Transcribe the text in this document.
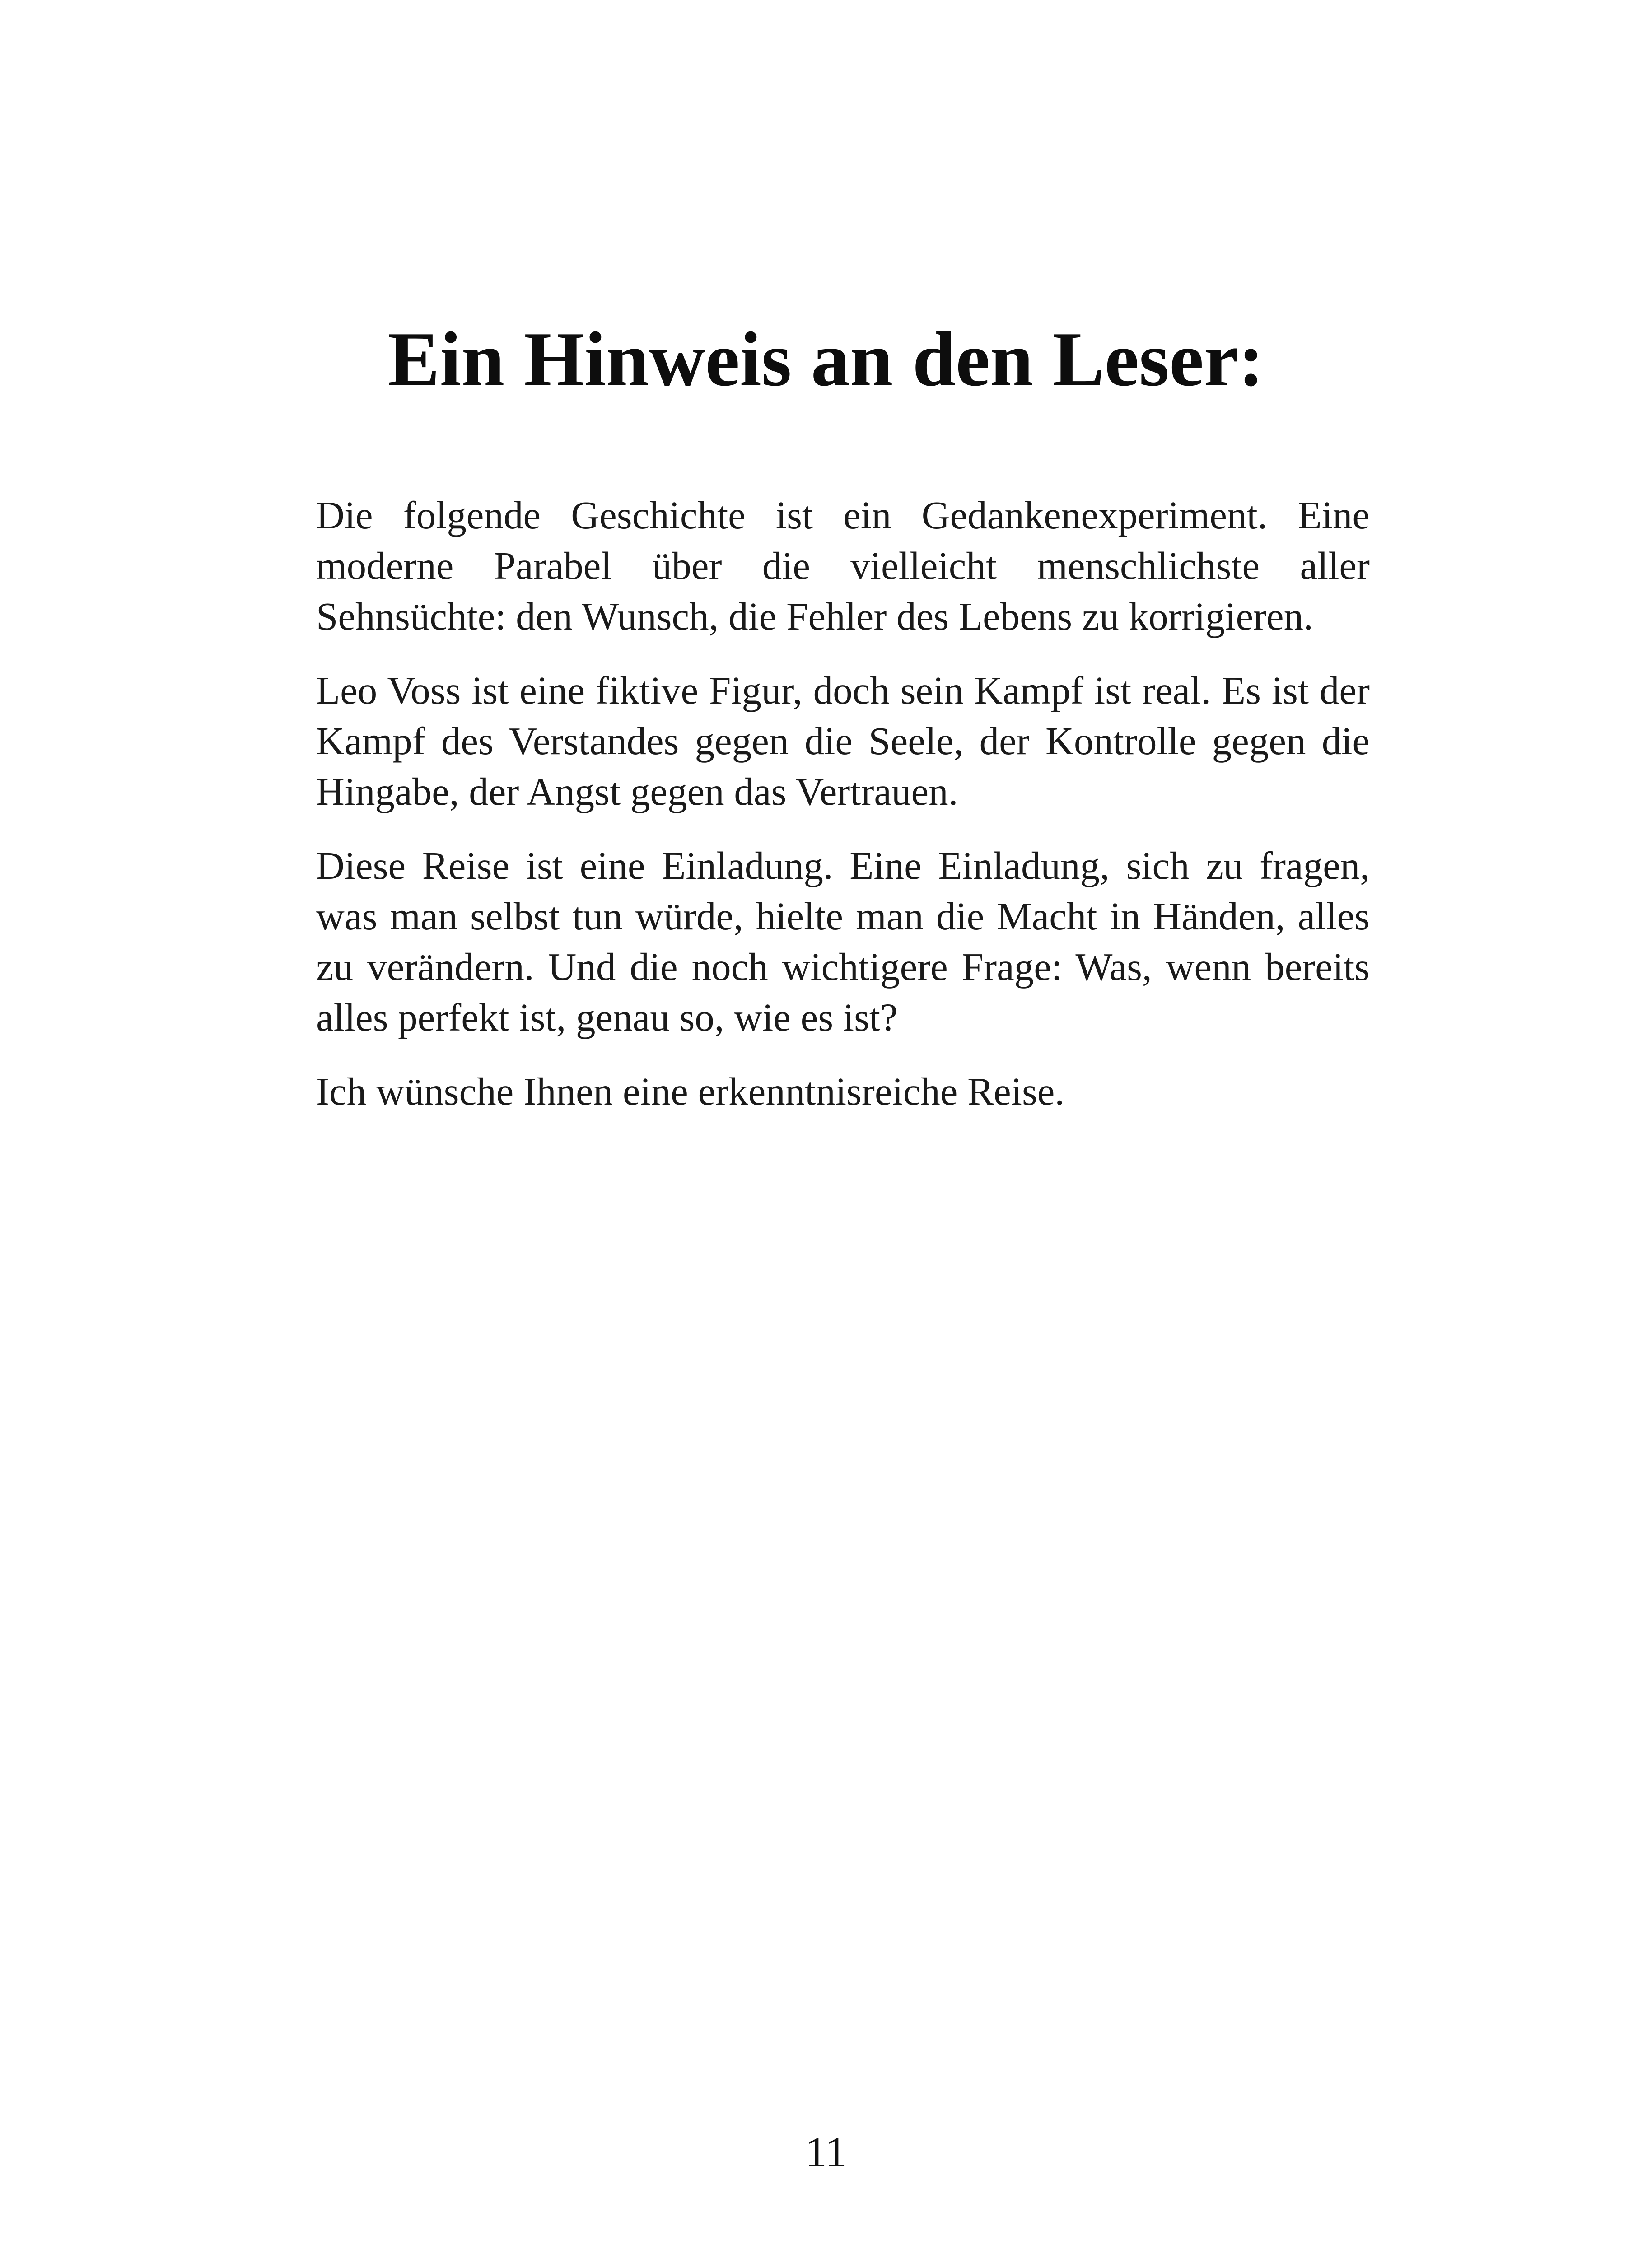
Ein Hinweis an den Leser:

Die folgende Geschichte ist ein Gedankenexperiment. Eine moderne Parabel über die vielleicht menschlichste aller Sehnsüchte: den Wunsch, die Fehler des Lebens zu korrigieren.

Leo Voss ist eine fiktive Figur, doch sein Kampf ist real. Es ist der Kampf des Verstandes gegen die Seele, der Kontrolle gegen die Hingabe, der Angst gegen das Vertrauen.

Diese Reise ist eine Einladung. Eine Einladung, sich zu fragen, was man selbst tun würde, hielte man die Macht in Händen, alles zu verändern. Und die noch wichtigere Frage: Was, wenn bereits alles perfekt ist, genau so, wie es ist?

Ich wünsche Ihnen eine erkenntnisreiche Reise.

11
